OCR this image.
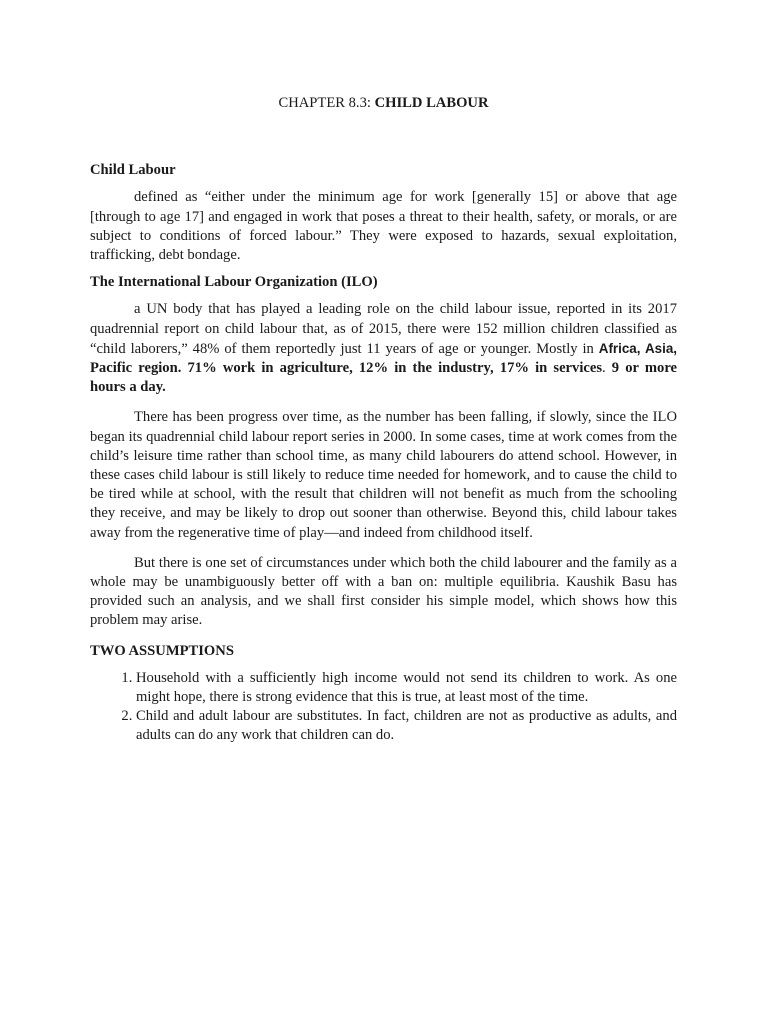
CHAPTER 8.3: CHILD LABOUR
Child Labour

defined as “either under the minimum age for work [generally 15] or above that age [through to age 17] and engaged in work that poses a threat to their health, safety, or morals, or are subject to conditions of forced labour.” They were exposed to hazards, sexual exploitation, trafficking, debt bondage.

The International Labour Organization (ILO)

a UN body that has played a leading role on the child labour issue, reported in its 2017 quadrennial report on child labour that, as of 2015, there were 152 million children classified as “child laborers,” 48% of them reportedly just 11 years of age or younger. Mostly in Africa, Asia, Pacific region. 71% work in agriculture, 12% in the industry, 17% in services. 9 or more hours a day.

There has been progress over time, as the number has been falling, if slowly, since the ILO began its quadrennial child labour report series in 2000. In some cases, time at work comes from the child’s leisure time rather than school time, as many child labourers do attend school. However, in these cases child labour is still likely to reduce time needed for homework, and to cause the child to be tired while at school, with the result that children will not benefit as much from the schooling they receive, and may be likely to drop out sooner than otherwise. Beyond this, child labour takes away from the regenerative time of play—and indeed from childhood itself.

But there is one set of circumstances under which both the child labourer and the family as a whole may be unambiguously better off with a ban on: multiple equilibria. Kaushik Basu has provided such an analysis, and we shall first consider his simple model, which shows how this problem may arise.

TWO ASSUMPTIONS
1. Household with a sufficiently high income would not send its children to work. As one might hope, there is strong evidence that this is true, at least most of the time.
2. Child and adult labour are substitutes. In fact, children are not as productive as adults, and adults can do any work that children can do.
